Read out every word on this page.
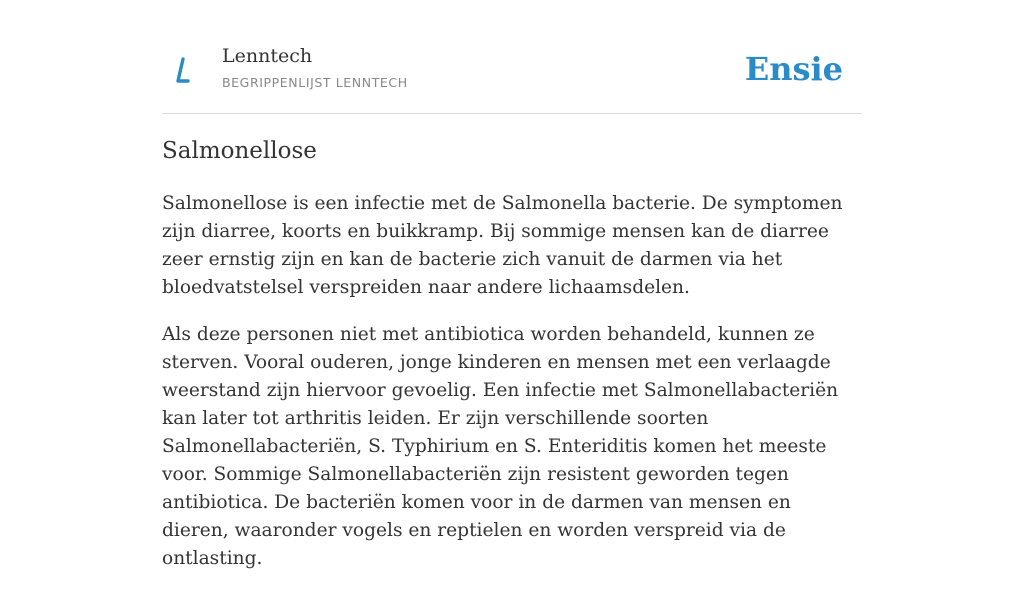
Lenntech
BEGRIPPENLIJST LENNTECH	Ensie
Salmonellose

Salmonellose is een infectie met de Salmonella bacterie. De symptomen zijn diarree, koorts en buikkramp. Bij sommige mensen kan de diarree zeer ernstig zijn en kan de bacterie zich vanuit de darmen via het bloedvatstelsel verspreiden naar andere lichaamsdelen.

Als deze personen niet met antibiotica worden behandeld, kunnen ze sterven. Vooral ouderen, jonge kinderen en mensen met een verlaagde weerstand zijn hiervoor gevoelig. Een infectie met Salmonellabacteriën kan later tot arthritis leiden. Er zijn verschillende soorten Salmonellabacteriën, S. Typhirium en S. Enteriditis komen het meeste voor. Sommige Salmonellabacteriën zijn resistent geworden tegen antibiotica. De bacteriën komen voor in de darmen van mensen en dieren, waaronder vogels en reptielen en worden verspreid via de ontlasting.
